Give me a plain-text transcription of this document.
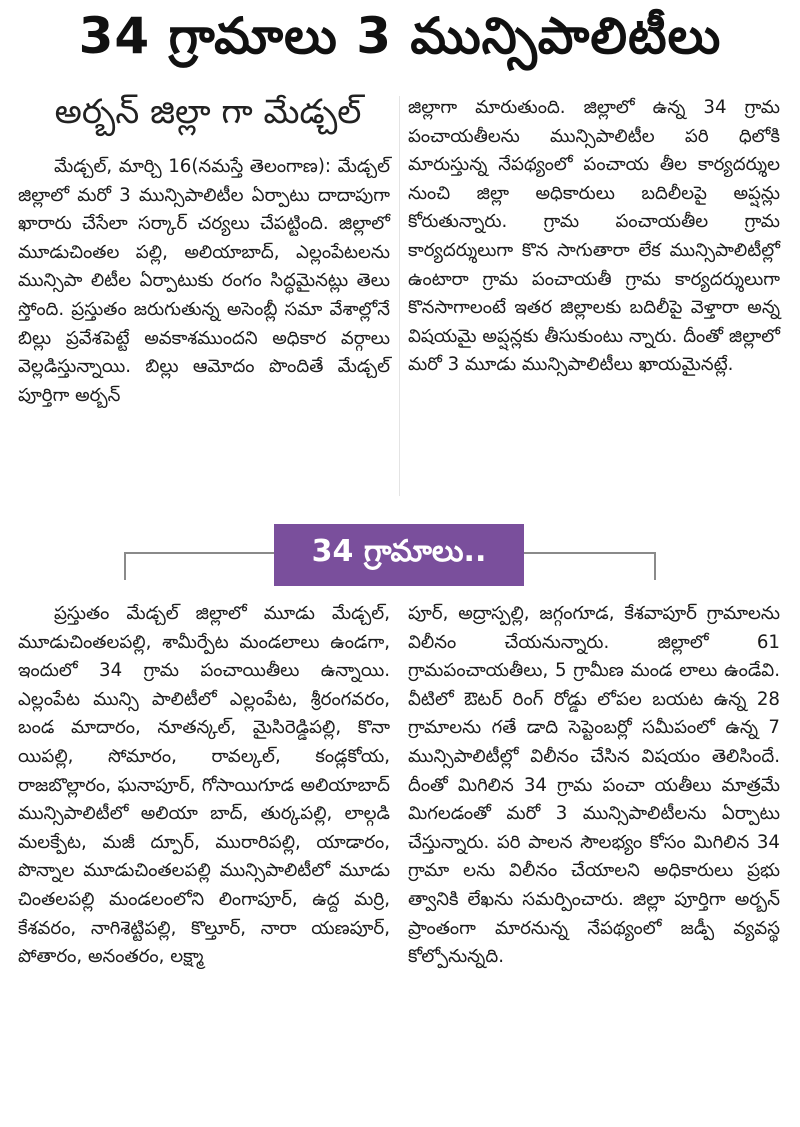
34 గ్రామాలు 3 మున్సిపాలిటీలు
అర్బన్ జిల్లా గా మేడ్చల్

మేడ్చల్, మార్చి 16(నమస్తే తెలంగాణ): మేడ్చల్ జిల్లాలో మరో 3 మున్సిపాలిటీల ఏర్పాటు దాదాపుగా ఖారారు చేసేలా సర్కార్ చర్యలు చేపట్టింది. జిల్లాలో మూడుచింతల పల్లి, అలియాబాద్, ఎల్లంపేటలను మున్సిపా లిటీల ఏర్పాటుకు రంగం సిద్ధమైనట్లు తెలు స్తోంది. ప్రస్తుతం జరుగుతున్న అసెంబ్లీ సమా వేశాల్లోనే బిల్లు ప్రవేశపెట్టే అవకాశముందని అధికార వర్గాలు వెల్లడిస్తున్నాయి. బిల్లు ఆమోదం పొందితే మేడ్చల్ పూర్తిగా అర్బన్

జిల్లాగా మారుతుంది. జిల్లాలో ఉన్న 34 గ్రామ పంచాయతీలను మున్సిపాలిటీల పరి ధిలోకి మారుస్తున్న నేపథ్యంలో పంచాయ తీల కార్యదర్శుల నుంచి జిల్లా అధికారులు బదిలీలపై అప్షన్లు కోరుతున్నారు. గ్రామ పంచాయతీల గ్రామ కార్యదర్శులుగా కొన సాగుతారా లేక మున్సిపాలిటీల్లో ఉంటారా గ్రామ పంచాయతీ గ్రామ కార్యదర్శులుగా కొనసాగాలంటే ఇతర జిల్లాలకు బదిలీపై వెళ్తారా అన్న విషయమై అప్షన్లకు తీసుకుంటు న్నారు. దీంతో జిల్లాలో మరో 3 మూడు మున్సిపాలిటీలు ఖాయమైనట్లే.

34 గ్రామాలు..

ప్రస్తుతం మేడ్చల్ జిల్లాలో మూడు మేడ్చల్, మూడుచింతలపల్లి, శామీర్పేట మండలాలు ఉండగా, ఇందులో 34 గ్రామ పంచాయితీలు ఉన్నాయి. ఎల్లంపేట మున్సి పాలిటీలో ఎల్లంపేట, శ్రీరంగవరం, బండ మాదారం, నూతన్కల్, మైసిరెడ్డిపల్లి, కొనా యిపల్లి, సోమారం, రావల్కల్, కండ్లకోయ, రాజబొల్లారం, ఘనాపూర్, గోసాయిగూడ అలియాబాద్ మున్సిపాలిటీలో అలియా బాద్, తుర్కపల్లి, లాల్గడి మలక్పేట, మజీ ద్పూర్, మురారిపల్లి, యాడారం, పొన్నాల మూడుచింతలపల్లి మున్సిపాలిటీలో మూడు చింతలపల్లి మండలంలోని లింగాపూర్, ఉద్ద మర్రి, కేశవరం, నాగిశెట్టిపల్లి, కొల్తూర్, నారా యణపూర్, పోతారం, అనంతరం, లక్ష్మా

పూర్, అద్రాస్పల్లి, జగ్గంగూడ, కేశవాపూర్ గ్రామాలను విలీనం చేయనున్నారు. జిల్లాలో 61 గ్రామపంచాయతీలు, 5 గ్రామీణ మండ లాలు ఉండేవి. వీటిలో ఔటర్ రింగ్ రోడ్డు లోపల బయట ఉన్న 28 గ్రామాలను గతే డాది సెప్టెంబర్లో సమీపంలో ఉన్న 7 మున్సిపాలిటీల్లో విలీనం చేసిన విషయం తెలిసిందే. దీంతో మిగిలిన 34 గ్రామ పంచా యతీలు మాత్రమే మిగలడంతో మరో 3 మున్సిపాలిటీలను ఏర్పాటు చేస్తున్నారు. పరి పాలన సౌలభ్యం కోసం మిగిలిన 34 గ్రామా లను విలీనం చేయాలని అధికారులు ప్రభు త్వానికి లేఖను సమర్పించారు. జిల్లా పూర్తిగా అర్బన్ ప్రాంతంగా మారనున్న నేపథ్యంలో జడ్పీ వ్యవస్థ కోల్పోనున్నది.
